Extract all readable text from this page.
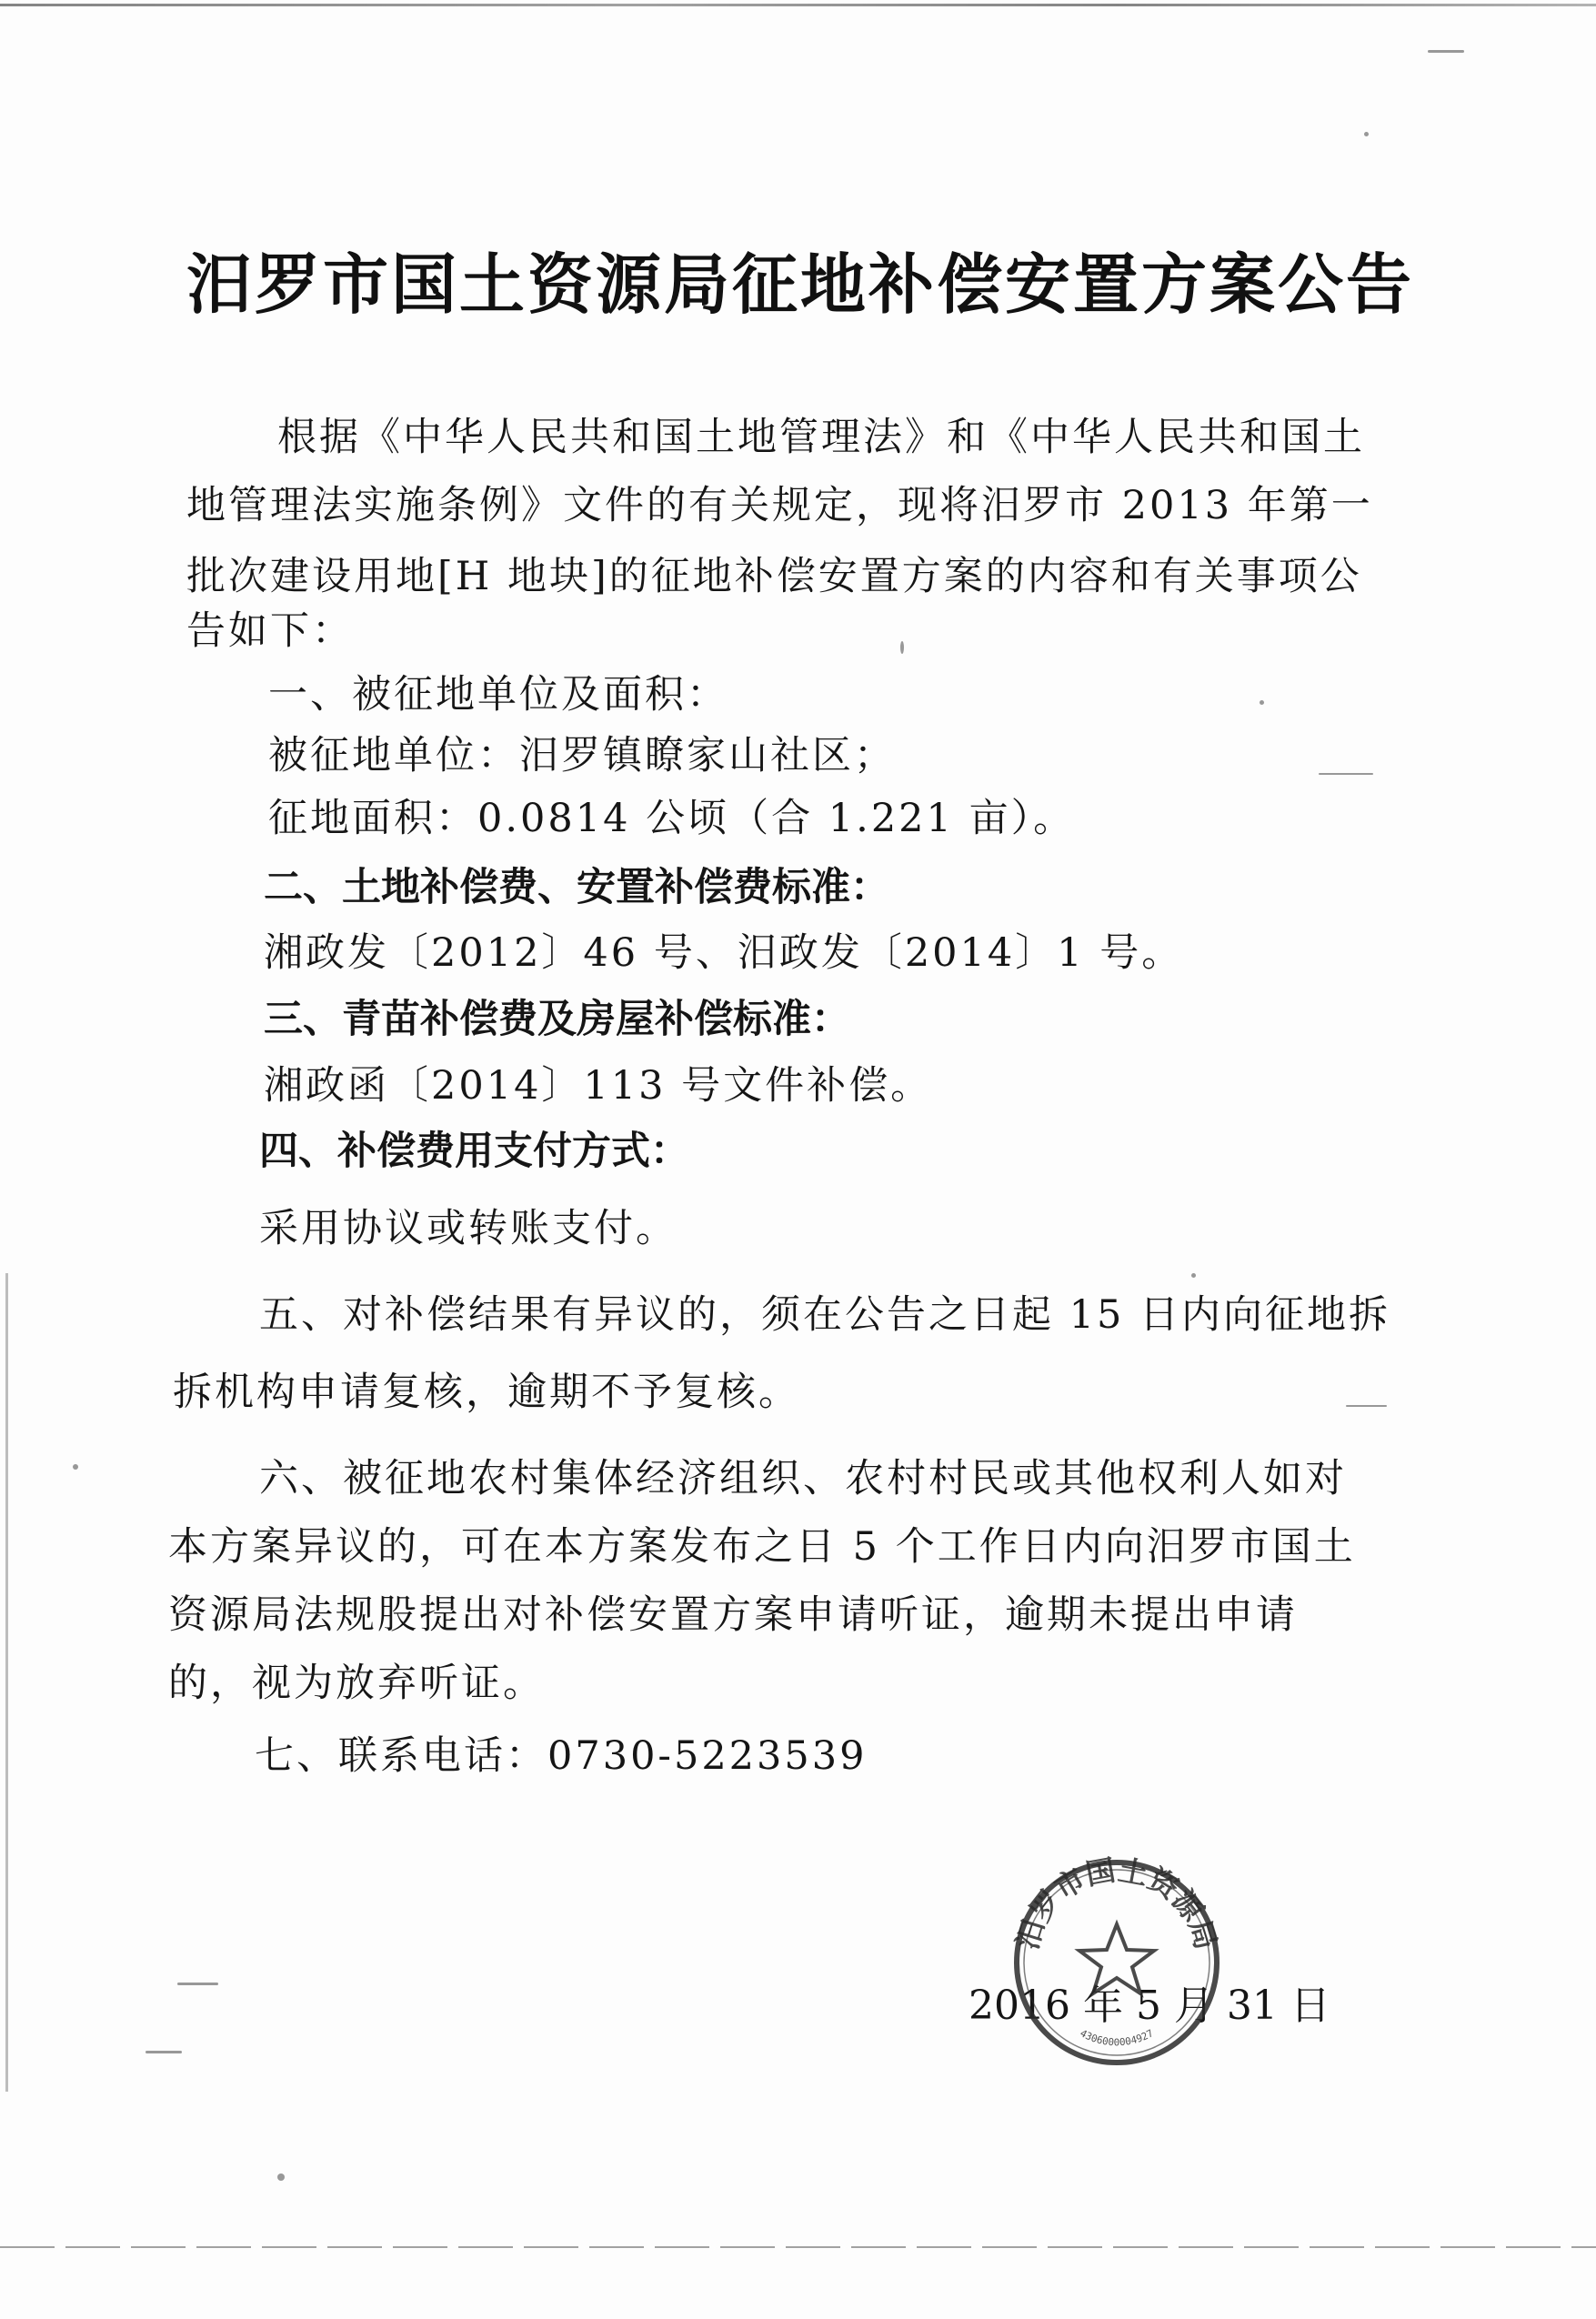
汨罗市国土资源局征地补偿安置方案公告
根据《中华人民共和国土地管理法》和《中华人民共和国土
地管理法实施条例》文件的有关规定，现将汨罗市 2013 年第一
批次建设用地[H 地块]的征地补偿安置方案的内容和有关事项公
告如下：
一、被征地单位及面积：
被征地单位：汨罗镇瞭家山社区；
征地面积：0.0814 公顷（合 1.221 亩）。
二、土地补偿费、安置补偿费标准：
湘政发〔2012〕46 号、汨政发〔2014〕1 号。
三、青苗补偿费及房屋补偿标准：
湘政函〔2014〕113 号文件补偿。
四、补偿费用支付方式：
采用协议或转账支付。
五、对补偿结果有异议的，须在公告之日起 15 日内向征地拆
拆机构申请复核，逾期不予复核。
六、被征地农村集体经济组织、农村村民或其他权利人如对
本方案异议的，可在本方案发布之日 5 个工作日内向汨罗市国土
资源局法规股提出对补偿安置方案申请听证，逾期未提出申请
的，视为放弃听证。
七、联系电话：0730-5223539
2016 年 5 月 31 日
汨罗市国土资源局
4306000004927
